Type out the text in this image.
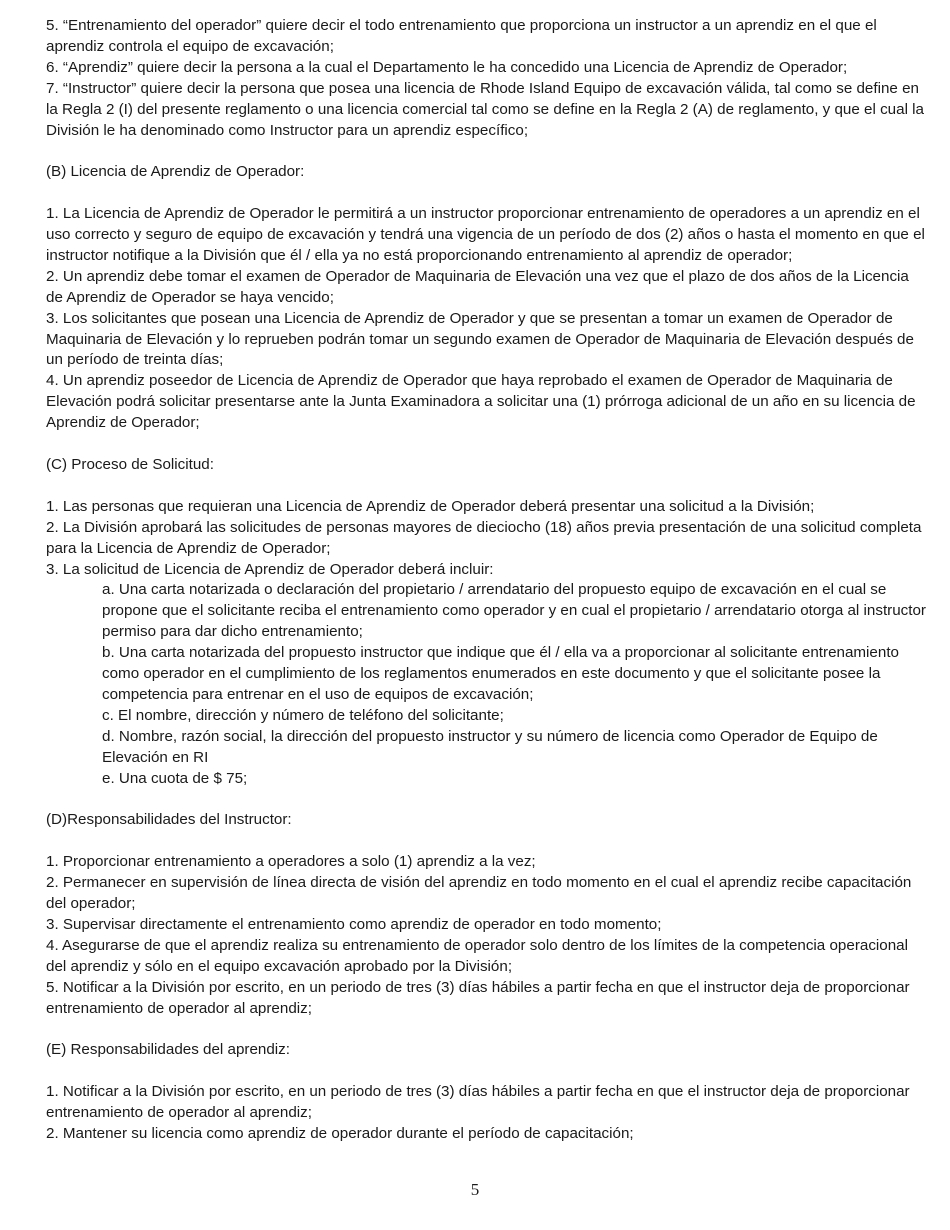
5. “Entrenamiento del operador” quiere decir el todo entrenamiento que proporciona un instructor a un aprendiz en el que el aprendiz controla el equipo de excavación;

6. “Aprendiz” quiere decir la persona a la cual el Departamento le ha concedido una Licencia de Aprendiz de Operador;

7. “Instructor” quiere decir la persona que posea una licencia de Rhode Island Equipo de excavación válida, tal como se define en la Regla 2 (I) del presente reglamento o una licencia comercial tal como se define en la Regla 2 (A) de reglamento, y que el cual la División le ha denominado como Instructor para un aprendiz específico;

(B) Licencia de Aprendiz de Operador:

1. La Licencia de Aprendiz de Operador le permitirá a un instructor proporcionar entrenamiento de operadores a un aprendiz en el uso correcto y seguro de equipo de excavación y tendrá una vigencia de un período de dos (2) años o hasta el momento en que el instructor notifique a la División que él / ella ya no está proporcionando entrenamiento al aprendiz de operador;

2. Un aprendiz debe tomar el examen de Operador de Maquinaria de Elevación una vez que el plazo de dos años de la Licencia de Aprendiz de Operador se haya vencido;

3. Los solicitantes que posean una Licencia de Aprendiz de Operador y que se presentan a tomar un examen de Operador de Maquinaria de Elevación y lo reprueben podrán tomar un segundo examen de Operador de Maquinaria de Elevación después de un período de treinta días;

4. Un aprendiz poseedor de Licencia de Aprendiz de Operador que haya reprobado el examen de Operador de Maquinaria de Elevación podrá solicitar presentarse ante la Junta Examinadora a solicitar una (1) prórroga adicional de un año en su licencia de Aprendiz de Operador;

(C) Proceso de Solicitud:

1. Las personas que requieran una Licencia de Aprendiz de Operador deberá presentar una solicitud a la División;

2. La División aprobará las solicitudes de personas mayores de dieciocho (18) años previa presentación de una solicitud completa para la Licencia de Aprendiz de Operador;

3. La solicitud de Licencia de Aprendiz de Operador deberá incluir:

a. Una carta notarizada o declaración del propietario / arrendatario del propuesto equipo de excavación en el cual se propone que el solicitante reciba el entrenamiento como operador y en cual el propietario / arrendatario otorga al instructor permiso para dar dicho entrenamiento;

b. Una carta notarizada del propuesto instructor que indique que él / ella va a proporcionar al solicitante entrenamiento como operador en el cumplimiento de los reglamentos enumerados en este documento y que el solicitante posee la competencia para entrenar en el uso de equipos de excavación;

c. El nombre, dirección y número de teléfono del solicitante;

d. Nombre, razón social, la dirección del propuesto instructor y su número de licencia como Operador de Equipo de Elevación en RI

e. Una cuota de $ 75;

(D)Responsabilidades del Instructor:

1. Proporcionar entrenamiento a operadores a solo (1) aprendiz a la vez;

2. Permanecer en supervisión de línea directa de visión del aprendiz en todo momento en el cual el aprendiz recibe capacitación del operador;

3. Supervisar directamente el entrenamiento como aprendiz de operador en todo momento;

4. Asegurarse de que el aprendiz realiza su entrenamiento de operador solo dentro de los límites de la competencia operacional del aprendiz y sólo en el equipo excavación aprobado por la División;

5. Notificar a la División por escrito, en un periodo de tres (3) días hábiles a partir fecha en que el instructor deja de proporcionar entrenamiento de operador al aprendiz;

(E) Responsabilidades del aprendiz:

1. Notificar a la División por escrito, en un periodo de tres (3) días hábiles a partir fecha en que el instructor deja de proporcionar entrenamiento de operador al aprendiz;

2. Mantener su licencia como aprendiz de operador durante el período de capacitación;

5
